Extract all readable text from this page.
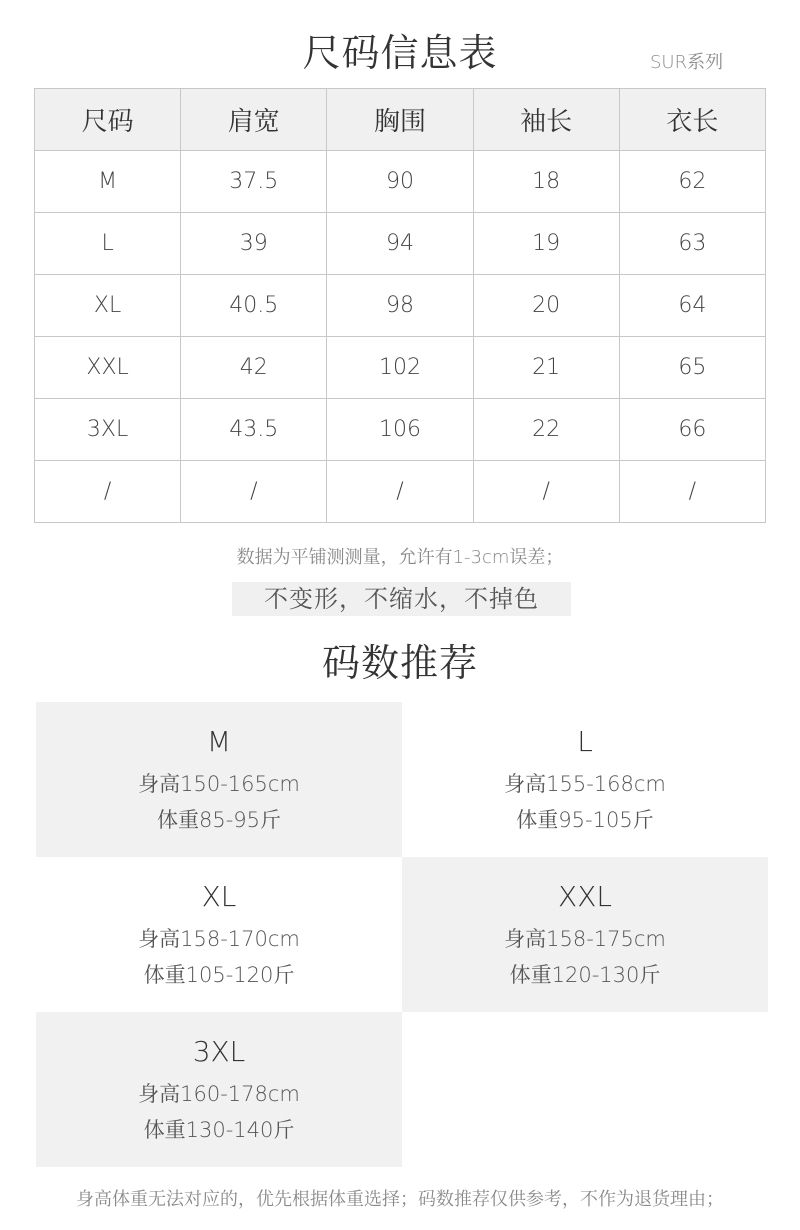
尺码信息表	SUR系列
尺码	肩宽	胸围	袖长	衣长
M	37.5	90	18	62
L	39	94	19	63
XL	40.5	98	20	64
XXL	42	102	21	65
3XL	43.5	106	22	66
/	/	/	/	/
数据为平铺测测量，允许有1-3cm误差；
不变形，不缩水，不掉色
码数推荐
M
身高150-165cm
体重85-95斤
L
身高155-168cm
体重95-105斤
XL
身高158-170cm
体重105-120斤
XXL
身高158-175cm
体重120-130斤
3XL
身高160-178cm
体重130-140斤
身高体重无法对应的，优先根据体重选择；码数推荐仅供参考，不作为退货理由；
